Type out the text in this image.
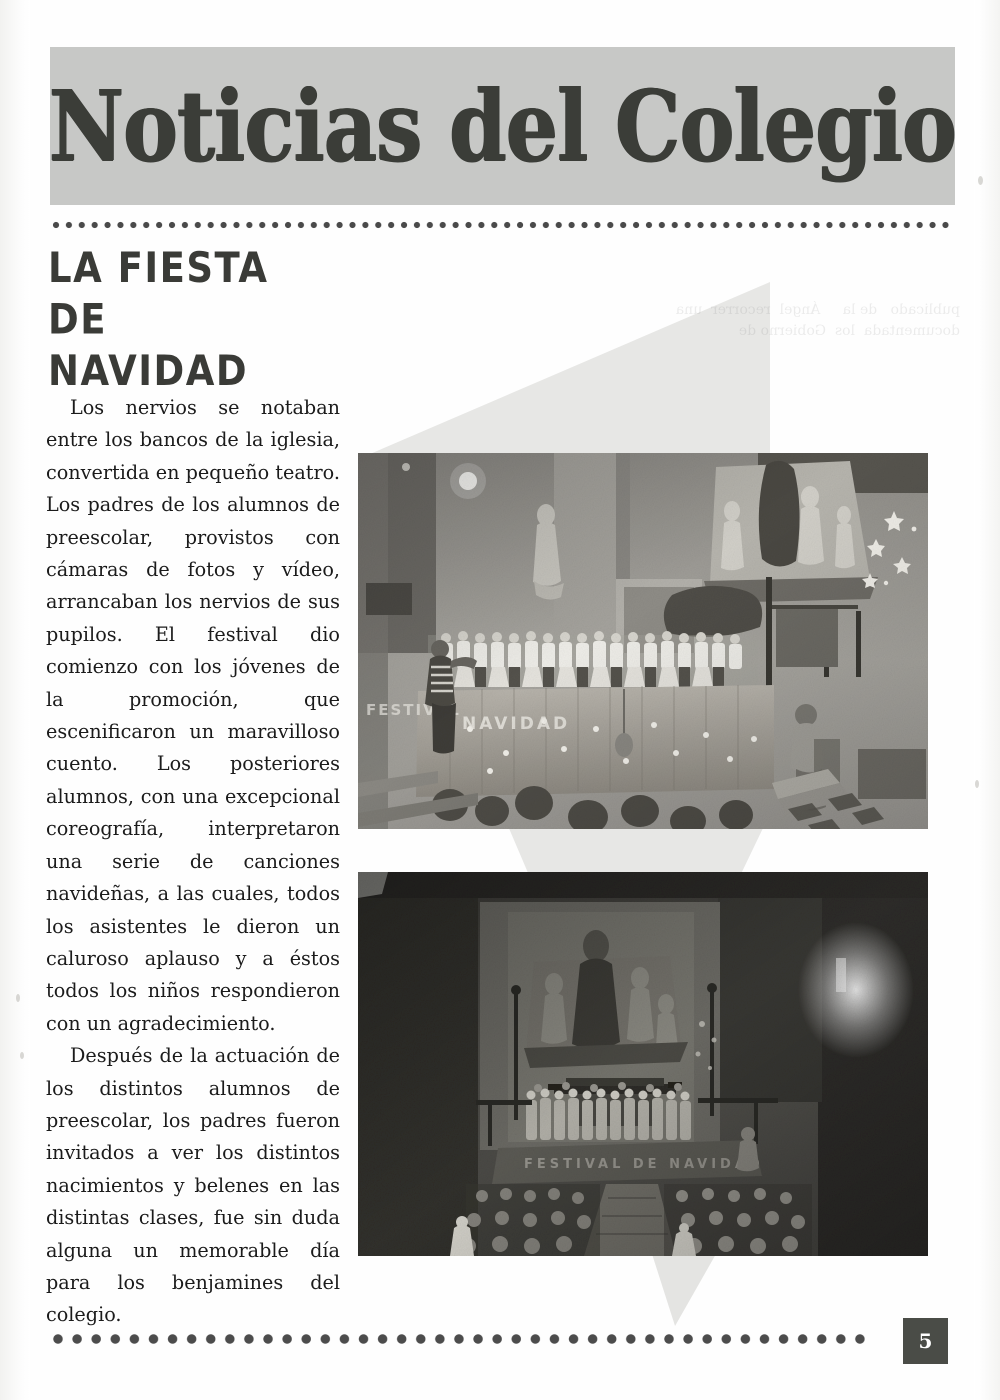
Noticias del Colegio
LA FIESTA
DE
NAVIDAD
publicado   de la     Ángel  recorrer  una documentada  los  Gobierno de

Los nervios se notaban entre los bancos de la iglesia, convertida en pequeño teatro. Los padres de los alumnos de preescolar, provistos con cámaras de fotos y vídeo, arrancaban los nervios de sus pupilos. El festival dio comienzo con los jóvenes de la promoción, que escenificaron un maravilloso cuento. Los posteriores alumnos, con una excepcional coreografía, interpretaron una serie de canciones navideñas, a las cuales, todos los asistentes le dieron un caluroso aplauso y a éstos todos los niños respondieron con un agradecimiento.

Después de la actuación de los distintos alumnos de preescolar, los padres fueron invitados a ver los distintos nacimientos y belenes en las distintas clases, fue sin duda alguna un memorable día para los benjamines del colegio.

5
